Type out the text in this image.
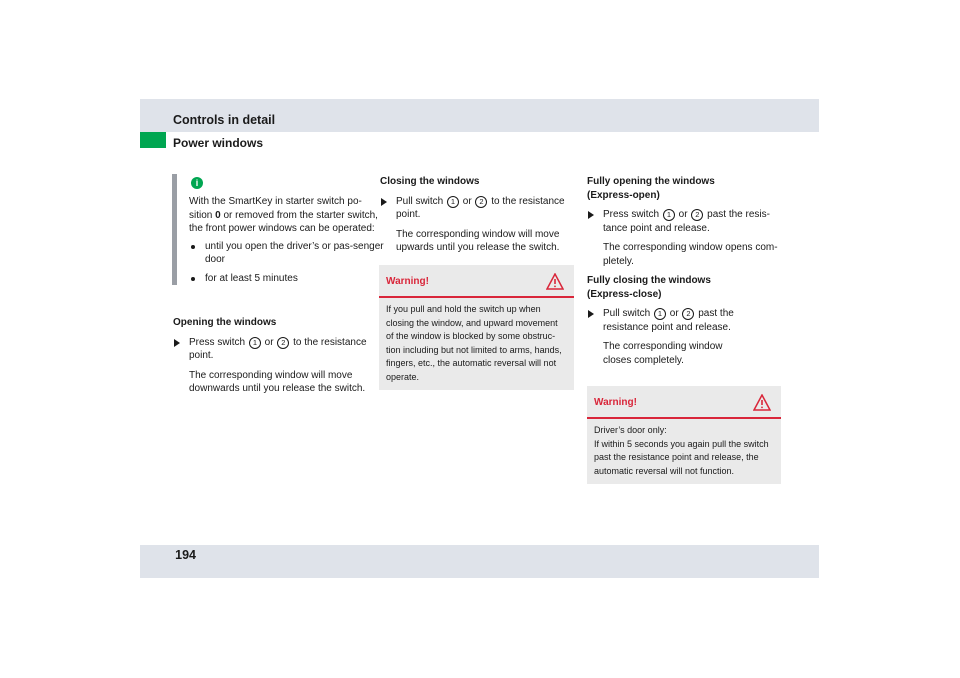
Controls in detail
Power windows
i

With the SmartKey in starter switch po-sition 0 or removed from the starter switch, the front power windows can be operated:

until you open the driver’s or pas-senger door
for at least 5 minutes
Opening the windows
Press switch 1 or 2 to the resistance point.

The corresponding window will move downwards until you release the switch.

Closing the windows
Pull switch 1 or 2 to the resistance point.

The corresponding window will move upwards until you release the switch.

Warning!

If you pull and hold the switch up when

closing the window, and upward movement

of the window is blocked by some obstruc-

tion including but not limited to arms, hands,

fingers, etc., the automatic reversal will not

operate.

Fully opening the windows (Express-open)
Press switch 1 or 2 past the resis-tance point and release.

The corresponding window opens com-pletely.

Fully closing the windows (Express-close)
Pull switch 1 or 2 past the resistance point and release.

The corresponding window closes completely.

Warning!

Driver’s door only:

If within 5 seconds you again pull the switch

past the resistance point and release, the

automatic reversal will not function.

194
